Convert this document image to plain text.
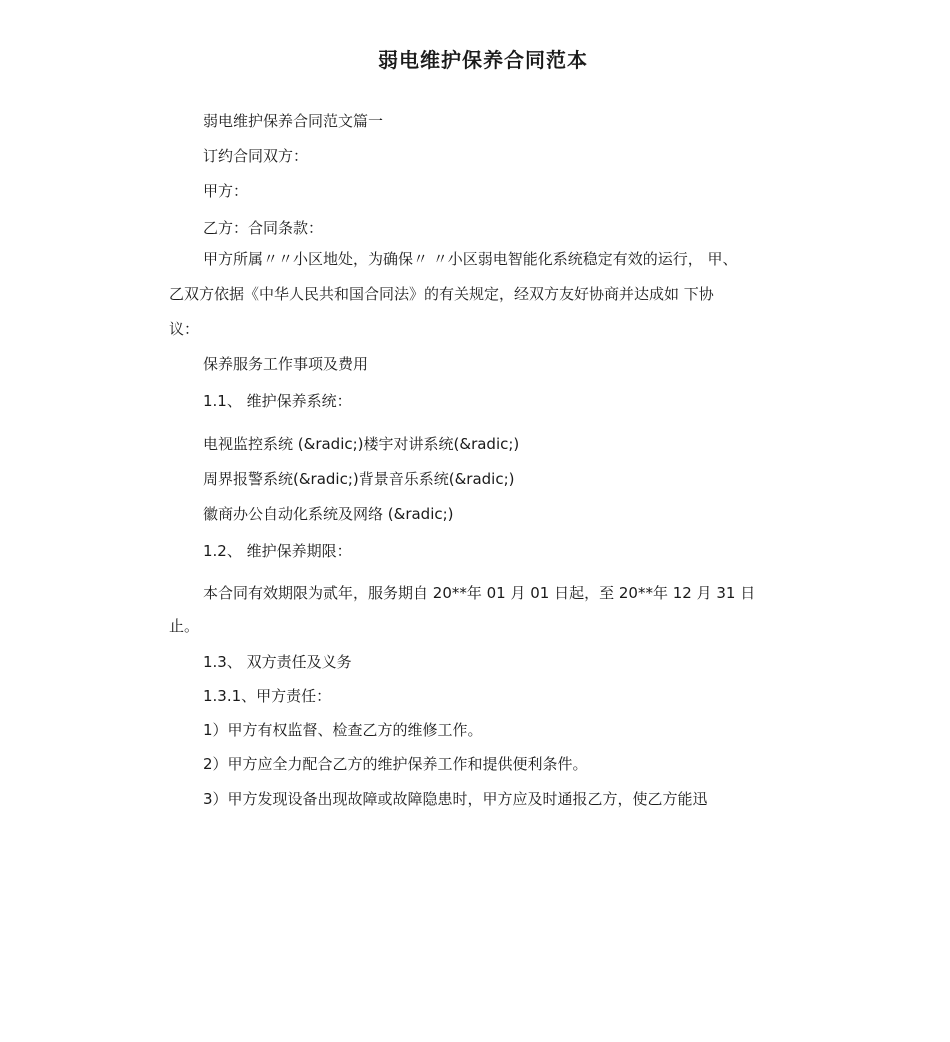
弱电维护保养合同范本
弱电维护保养合同范文篇一
订约合同双方：
甲方：
乙方：合同条款：
甲方所属〃〃小区地处，为确保〃 〃小区弱电智能化系统稳定有效的运行， 甲、
乙双方依据《中华人民共和国合同法》的有关规定，经双方友好协商并达成如 下协
议：
保养服务工作事项及费用
1.1、 维护保养系统：
电视监控系统 (&radic;)楼宇对讲系统(&radic;)
周界报警系统(&radic;)背景音乐系统(&radic;)
徽商办公自动化系统及网络 (&radic;)
1.2、 维护保养期限：
本合同有效期限为贰年，服务期自 20**年 01 月 01 日起，至 20**年 12 月 31 日
止。
1.3、 双方责任及义务
1.3.1、甲方责任：
1）甲方有权监督、检查乙方的维修工作。
2）甲方应全力配合乙方的维护保养工作和提供便利条件。
3）甲方发现设备出现故障或故障隐患时，甲方应及时通报乙方，使乙方能迅
